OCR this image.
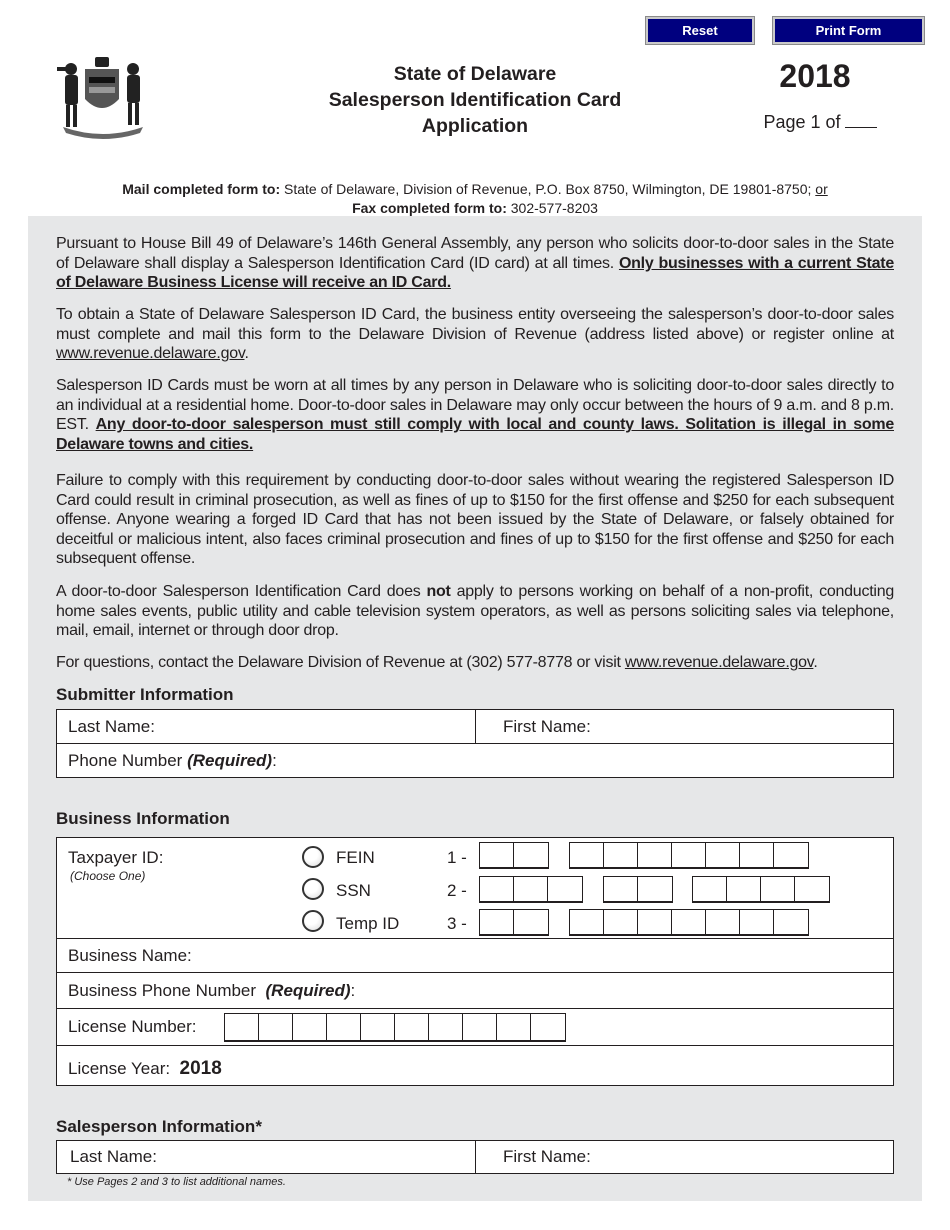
Reset	Print Form
State of Delaware
Salesperson Identification Card
Application
2018
Page 1 of
Mail completed form to: State of Delaware, Division of Revenue, P.O. Box 8750, Wilmington, DE 19801-8750; or
Fax completed form to: 302-577-8203
Pursuant to House Bill 49 of Delaware’s 146th General Assembly, any person who solicits door-to-door sales in the State of Delaware shall display a Salesperson Identification Card (ID card) at all times. Only businesses with a current State of Delaware Business License will receive an ID Card.
To obtain a State of Delaware Salesperson ID Card, the business entity overseeing the salesperson’s door-to-door sales must complete and mail this form to the Delaware Division of Revenue (address listed above) or register online at www.revenue.delaware.gov.
Salesperson ID Cards must be worn at all times by any person in Delaware who is soliciting door-to-door sales directly to an individual at a residential home. Door-to-door sales in Delaware may only occur between the hours of 9 a.m. and 8 p.m. EST. Any door-to-door salesperson must still comply with local and county laws. Solitation is illegal in some Delaware towns and cities.
Failure to comply with this requirement by conducting door-to-door sales without wearing the registered Salesperson ID Card could result in criminal prosecution, as well as fines of up to $150 for the first offense and $250 for each subsequent offense. Anyone wearing a forged ID Card that has not been issued by the State of Delaware, or falsely obtained for deceitful or malicious intent, also faces criminal prosecution and fines of up to $150 for the first offense and $250 for each subsequent offense.
A door-to-door Salesperson Identification Card does not apply to persons working on behalf of a non-profit, conducting home sales events, public utility and cable television system operators, as well as persons soliciting sales via telephone, mail, email, internet or through door drop.
For questions, contact the Delaware Division of Revenue at (302) 577-8778 or visit www.revenue.delaware.gov.
Submitter Information
Last Name:	First Name:
Phone Number
(Required) :
Business Information
Taxpayer ID:
(Choose One)
FEIN	1 -
SSN	2 -
Temp ID	3 -
Business Name:
Business Phone Number
(Required) :
License Number:
License Year:
2018
Salesperson Information*
Last Name:	First Name:
* Use Pages 2 and 3 to list additional names.
